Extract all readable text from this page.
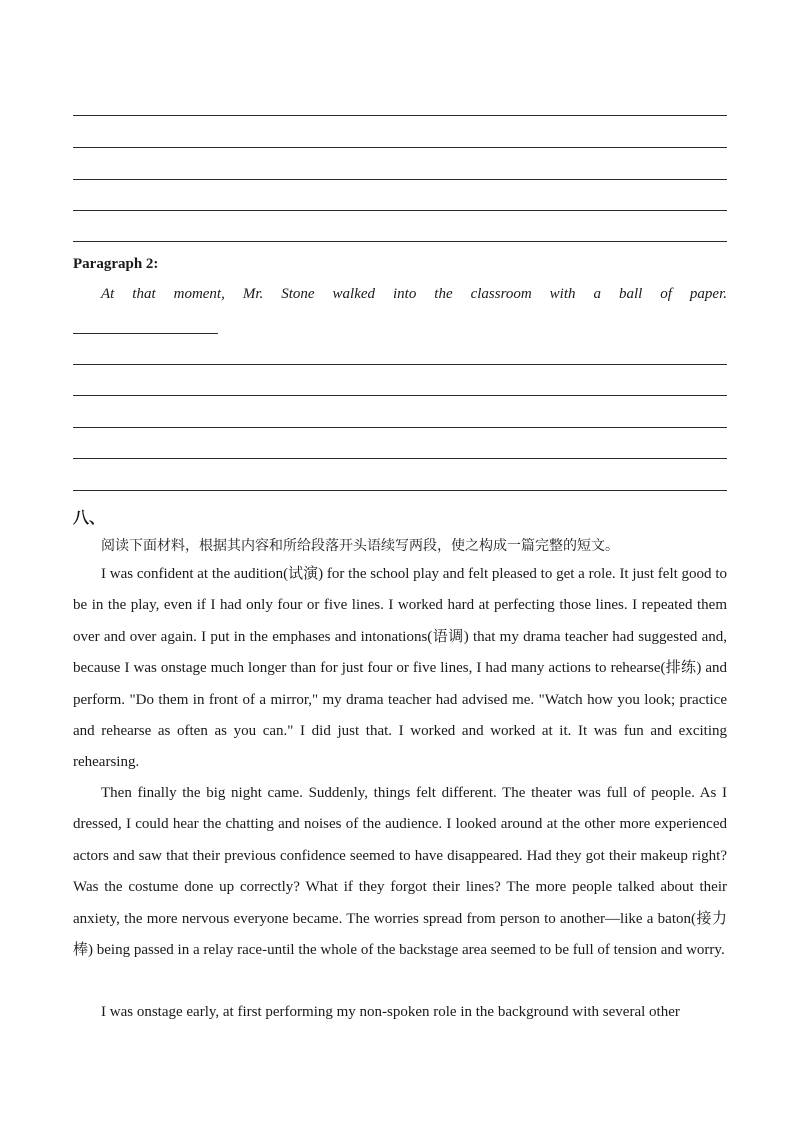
Paragraph 2:
At that moment, Mr. Stone walked into the classroom with a ball of paper.
八、
阅读下面材料，根据其内容和所给段落开头语续写两段，使之构成一篇完整的短文。

I was confident at the audition(试演) for the school play and felt pleased to get a role. It just felt good to be in the play, even if I had only four or five lines. I worked hard at perfecting those lines. I repeated them over and over again. I put in the emphases and intonations(语调) that my drama teacher had suggested and, because I was onstage much longer than for just four or five lines, I had many actions to rehearse(排练) and perform. "Do them in front of a mirror," my drama teacher had advised me. "Watch how you look; practice and rehearse as often as you can." I did just that. I worked and worked at it. It was fun and exciting rehearsing.

Then finally the big night came. Suddenly, things felt different. The theater was full of people. As I dressed, I could hear the chatting and noises of the audience. I looked around at the other more experienced actors and saw that their previous confidence seemed to have disappeared. Had they got their makeup right? Was the costume done up correctly? What if they forgot their lines? The more people talked about their anxiety, the more nervous everyone became. The worries spread from person to another—like a baton(接力棒) being passed in a relay race-until the whole of the backstage area seemed to be full of tension and worry.

I was onstage early, at first performing my non-spoken role in the background with several other
